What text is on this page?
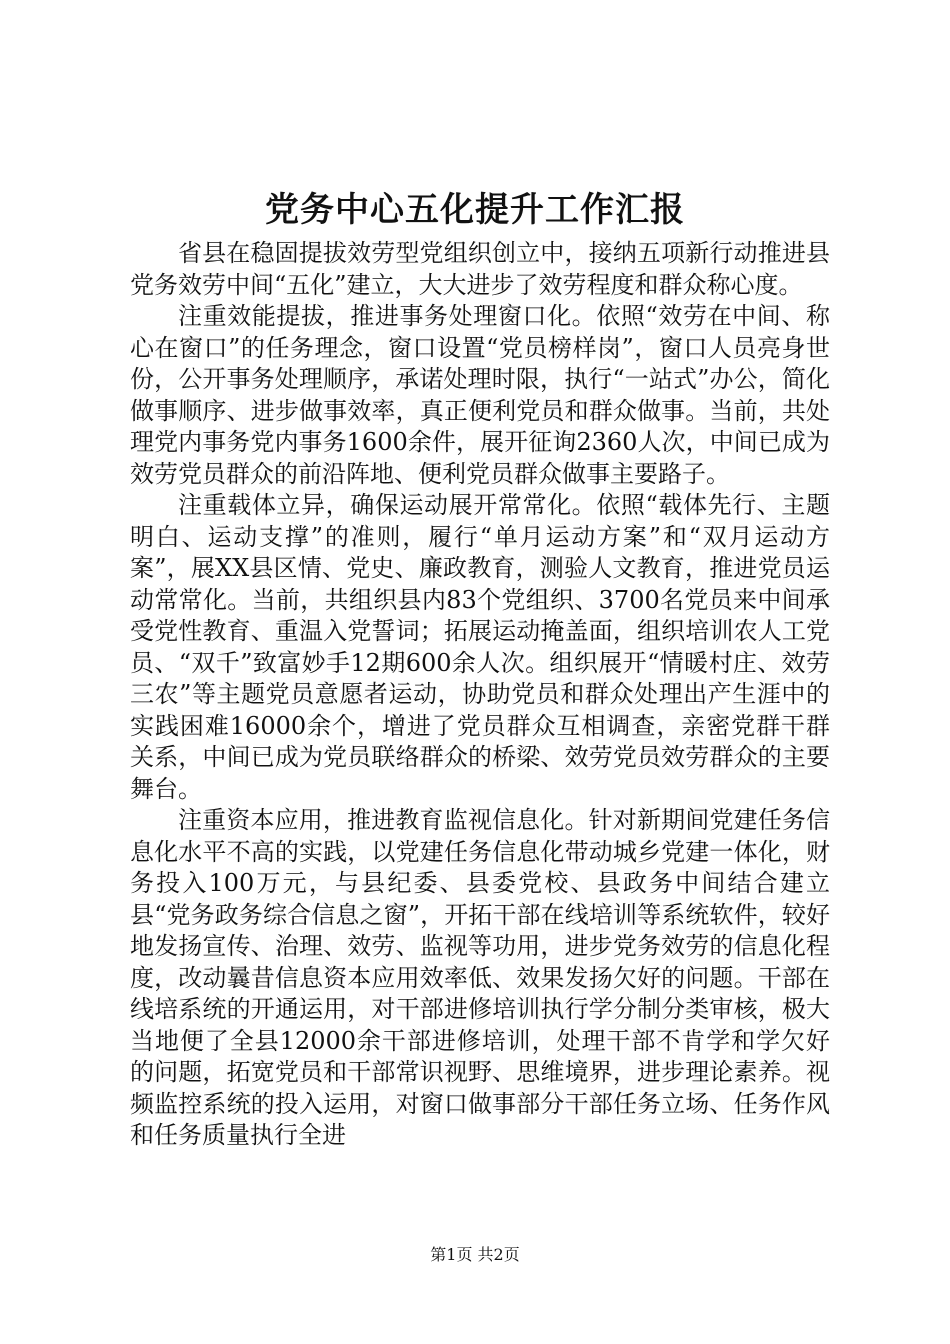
党务中心五化提升工作汇报

省县在稳固提拔效劳型党组织创立中，接纳五项新行动推进县党务效劳中间“五化”建立，大大进步了效劳程度和群众称心度。

注重效能提拔，推进事务处理窗口化。依照“效劳在中间、称心在窗口”的任务理念，窗口设置“党员榜样岗”，窗口人员亮身世份，公开事务处理顺序，承诺处理时限，执行“一站式”办公，简化做事顺序、进步做事效率，真正便利党员和群众做事。当前，共处理党内事务党内事务1600余件，展开征询2360人次，中间已成为效劳党员群众的前沿阵地、便利党员群众做事主要路子。

注重载体立异，确保运动展开常常化。依照“载体先行、主题明白、运动支撑”的准则，履行“单月运动方案”和“双月运动方案”，展XX县区情、党史、廉政教育，测验人文教育，推进党员运动常常化。当前，共组织县内83个党组织、3700名党员来中间承受党性教育、重温入党誓词；拓展运动掩盖面，组织培训农人工党员、“双千”致富妙手12期600余人次。组织展开“情暖村庄、效劳三农”等主题党员意愿者运动，协助党员和群众处理出产生涯中的实践困难16000余个，增进了党员群众互相调查，亲密党群干群关系，中间已成为党员联络群众的桥梁、效劳党员效劳群众的主要舞台。

注重资本应用，推进教育监视信息化。针对新期间党建任务信息化水平不高的实践，以党建任务信息化带动城乡党建一体化，财务投入100万元，与县纪委、县委党校、县政务中间结合建立县“党务政务综合信息之窗”，开拓干部在线培训等系统软件，较好地发扬宣传、治理、效劳、监视等功用，进步党务效劳的信息化程度，改动曩昔信息资本应用效率低、效果发扬欠好的问题。干部在线培系统的开通运用，对干部进修培训执行学分制分类审核，极大当地便了全县12000余干部进修培训，处理干部不肯学和学欠好的问题，拓宽党员和干部常识视野、思维境界，进步理论素养。视频监控系统的投入运用，对窗口做事部分干部任务立场、任务作风和任务质量执行全进

第1页 共2页
